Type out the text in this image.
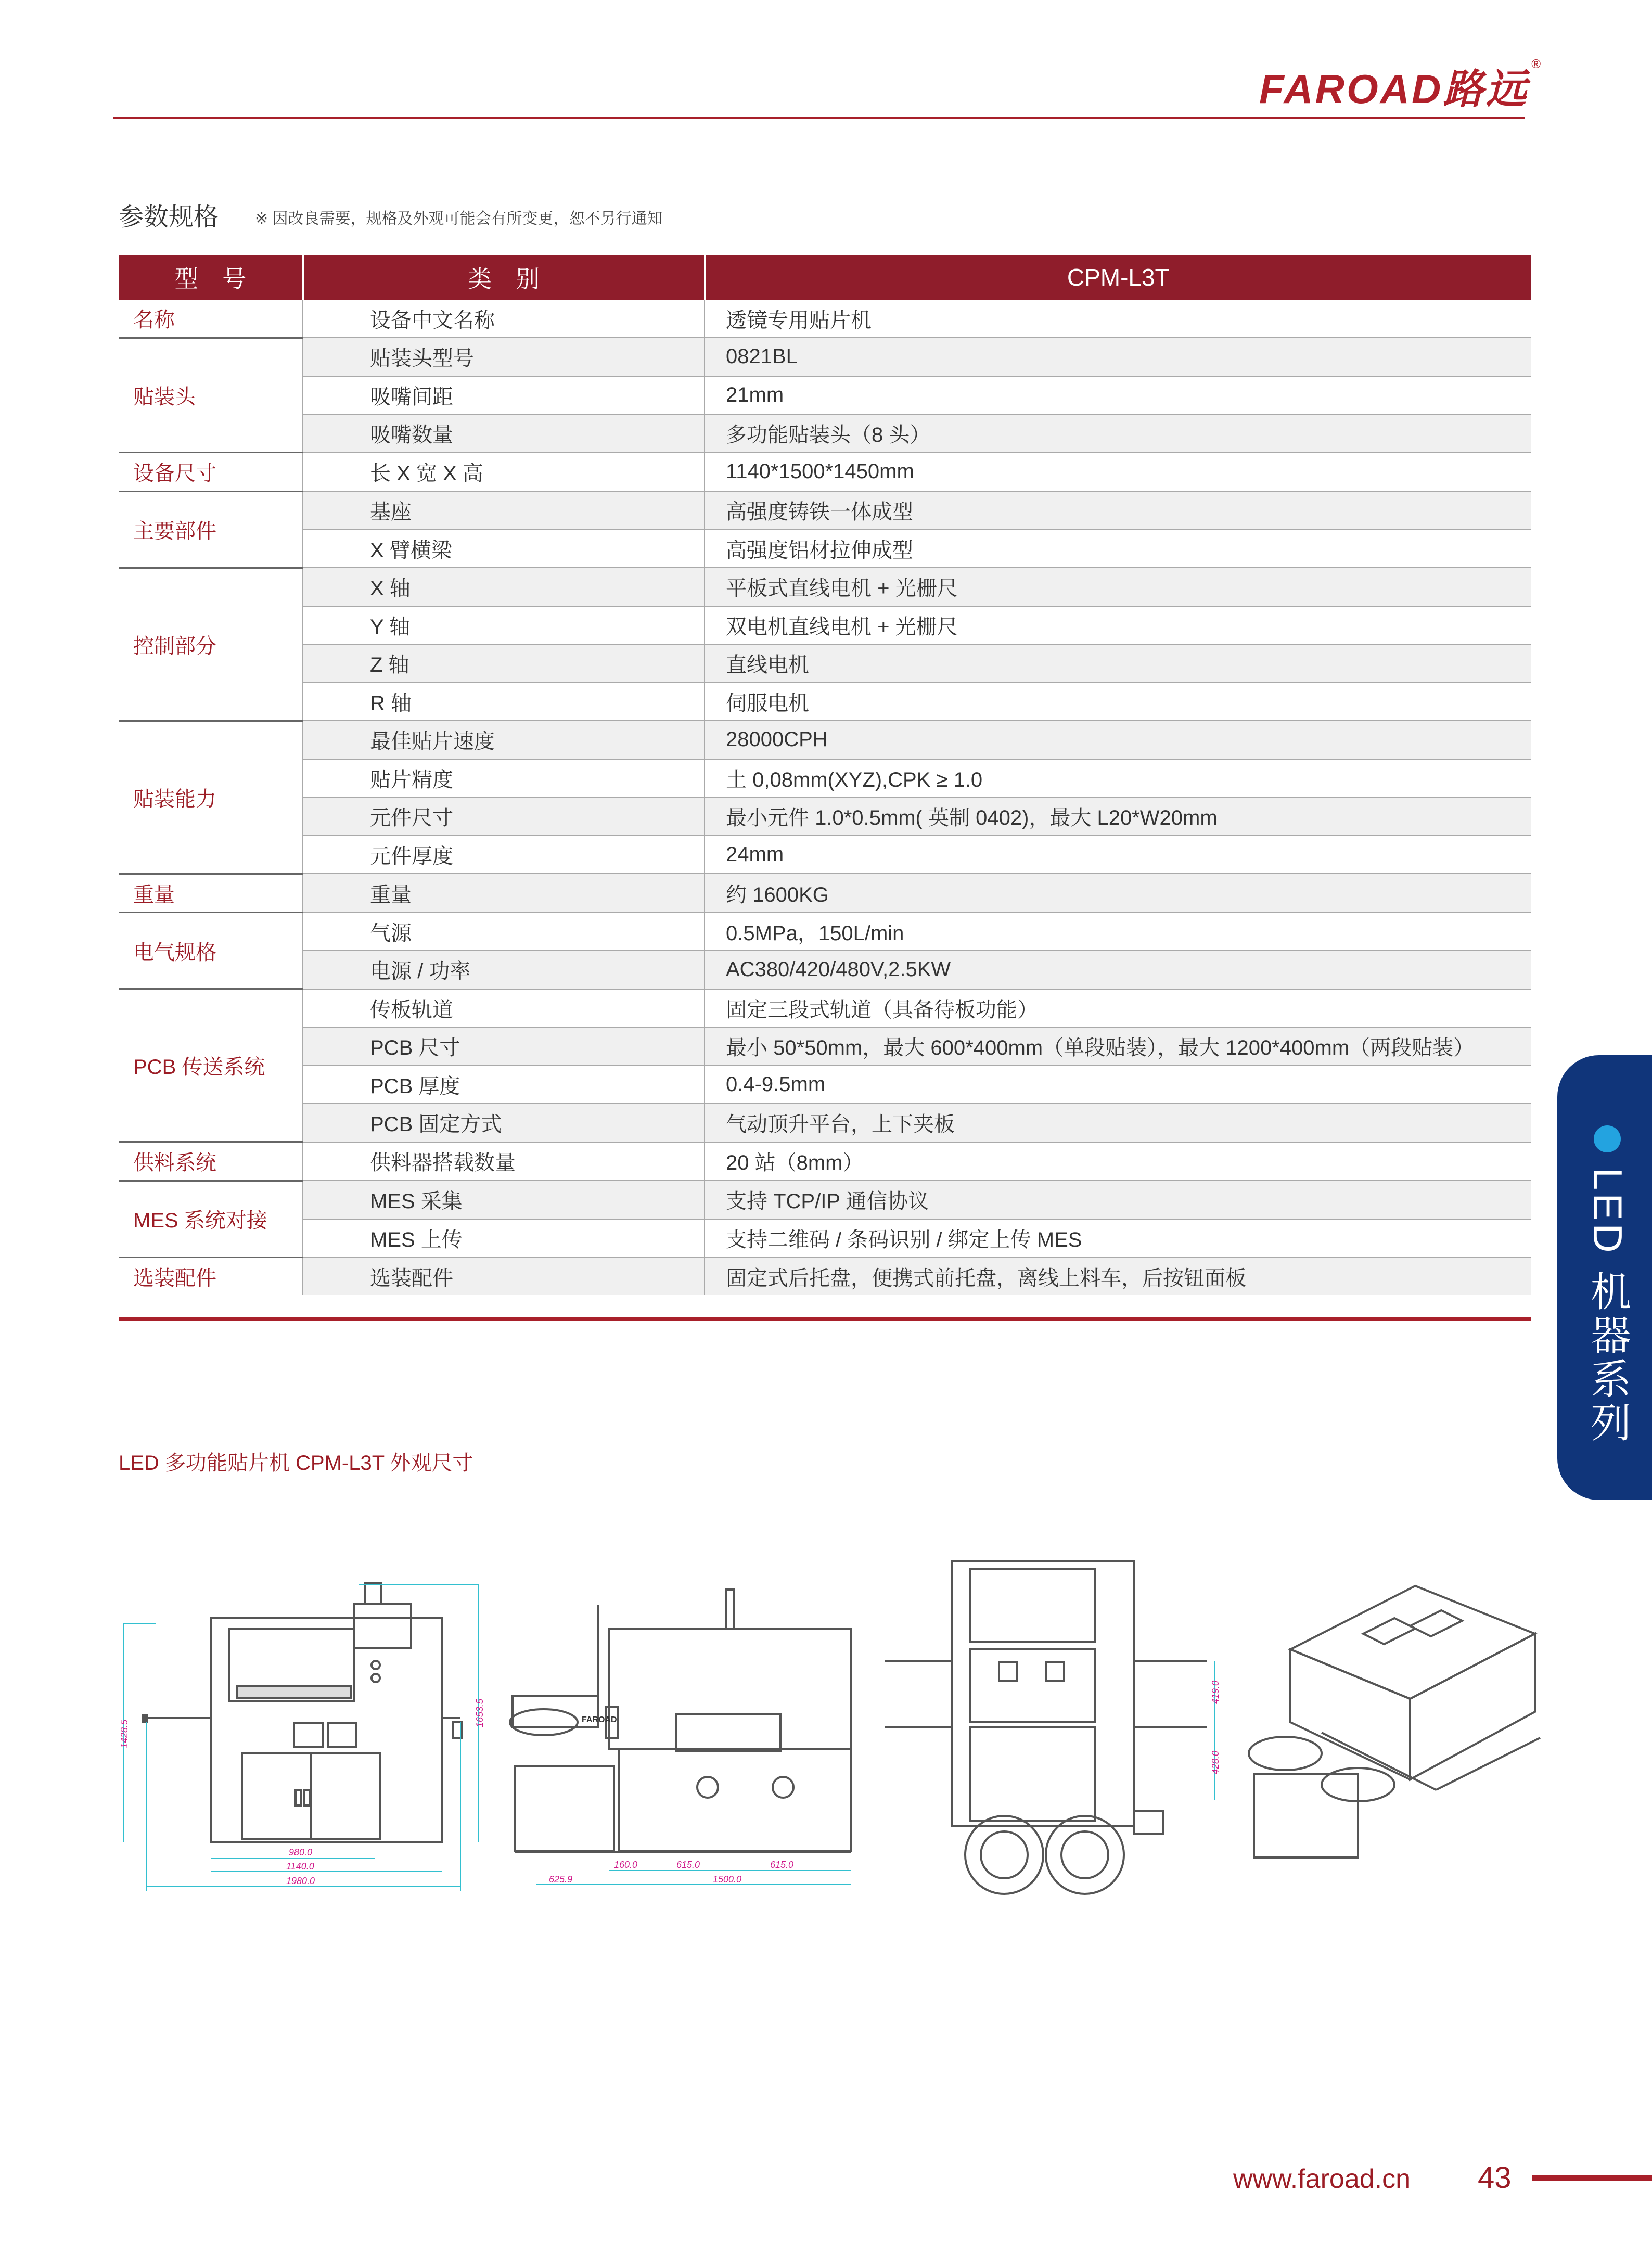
FAROAD路远
®
参数规格 ※ 因改良需要，规格及外观可能会有所变更，恕不另行通知
型　号	类　别	CPM-L3T
名称	设备中文名称	透镜专用贴片机
贴装头	贴装头型号	0821BL
	吸嘴间距	21mm
	吸嘴数量	多功能贴装头（8 头）
设备尺寸	长 X 宽 X 高	1140*1500*1450mm
主要部件	基座	高强度铸铁一体成型
	X 臂横梁	高强度铝材拉伸成型
控制部分	X 轴	平板式直线电机 + 光栅尺
	Y 轴	双电机直线电机 + 光栅尺
	Z 轴	直线电机
	R 轴	伺服电机
贴装能力	最佳贴片速度	28000CPH
	贴片精度	土 0,08mm(XYZ),CPK ≥ 1.0
	元件尺寸	最小元件 1.0*0.5mm( 英制 0402)，最大 L20*W20mm
	元件厚度	24mm
重量	重量	约 1600KG
电气规格	气源	0.5MPa，150L/min
	电源 / 功率	AC380/420/480V,2.5KW
PCB 传送系统	传板轨道	固定三段式轨道（具备待板功能）
	PCB 尺寸	最小 50*50mm，最大 600*400mm（单段贴装），最大 1200*400mm（两段贴装）
	PCB 厚度	0.4-9.5mm
	PCB 固定方式	气动顶升平台，上下夹板
供料系统	供料器搭载数量	20 站（8mm）
MES 系统对接	MES 采集	支持 TCP/IP 通信协议
	MES 上传	支持二维码 / 条码识别 / 绑定上传 MES
选装配件	选装配件	固定式后托盘，便携式前托盘，离线上料车，后按钮面板	LED 机器系列
LED 多功能贴片机 CPM-L3T 外观尺寸
1428.5
1653.5
980.0
1140.0
1980.0
160.0	615.0	615.0
625.9	1500.0
FAROAD
419.0
428.0
www.faroad.cn 43
